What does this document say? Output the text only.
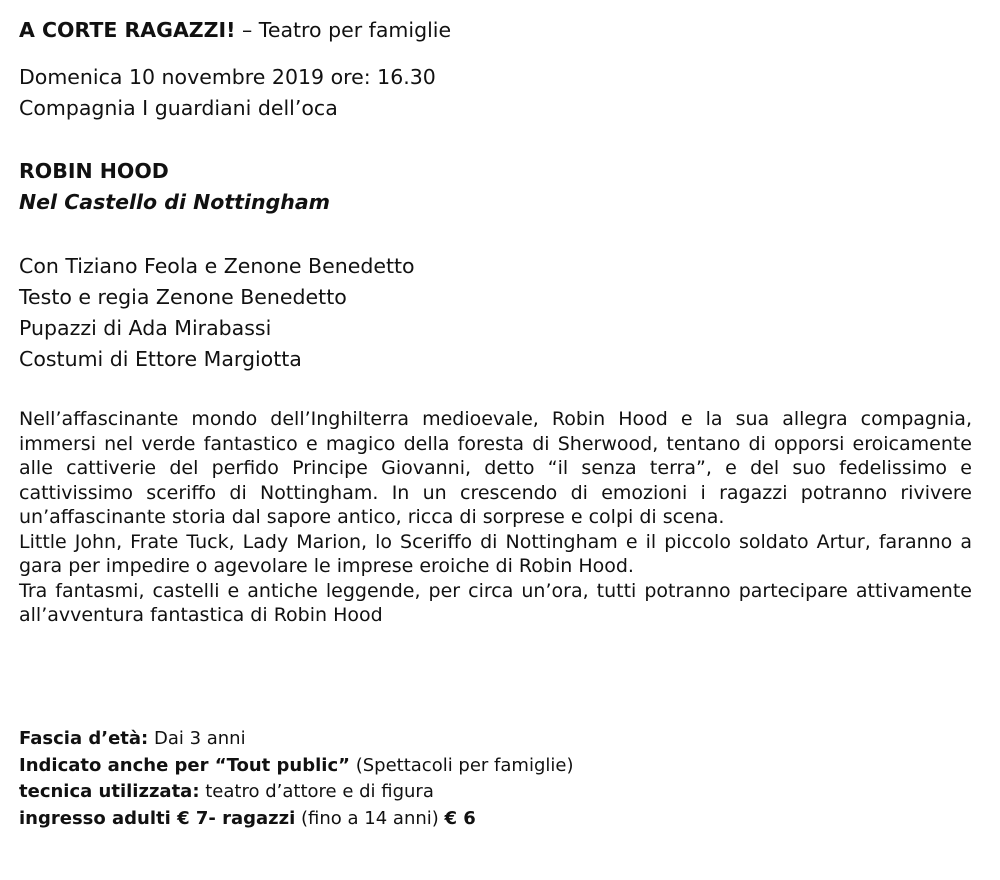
A CORTE RAGAZZI! – Teatro per famiglie
Domenica 10 novembre 2019 ore: 16.30
Compagnia I guardiani dell’oca
ROBIN HOOD
Nel Castello di Nottingham
Con Tiziano Feola e Zenone Benedetto
Testo e regia Zenone Benedetto
Pupazzi di Ada Mirabassi
Costumi di Ettore Margiotta
Nell’affascinante mondo dell’Inghilterra medioevale, Robin Hood e la sua allegra compagnia, immersi nel verde fantastico e magico della foresta di Sherwood, tentano di opporsi eroicamente alle cattiverie del perfido Principe Giovanni, detto “il senza terra”, e del suo fedelissimo e cattivissimo sceriffo di Nottingham. In un crescendo di emozioni i ragazzi potranno rivivere un’affascinante storia dal sapore antico, ricca di sorprese e colpi di scena.
Little John, Frate Tuck, Lady Marion, lo Sceriffo di Nottingham e il piccolo soldato Artur, faranno a gara per impedire o agevolare le imprese eroiche di Robin Hood.
Tra fantasmi, castelli e antiche leggende, per circa un’ora, tutti potranno partecipare attivamente all’avventura fantastica di Robin Hood
Fascia d’età: Dai 3 anni
Indicato anche per “Tout public” (Spettacoli per famiglie)
tecnica utilizzata: teatro d’attore e di figura
ingresso adulti € 7- ragazzi (fino a 14 anni) € 6
